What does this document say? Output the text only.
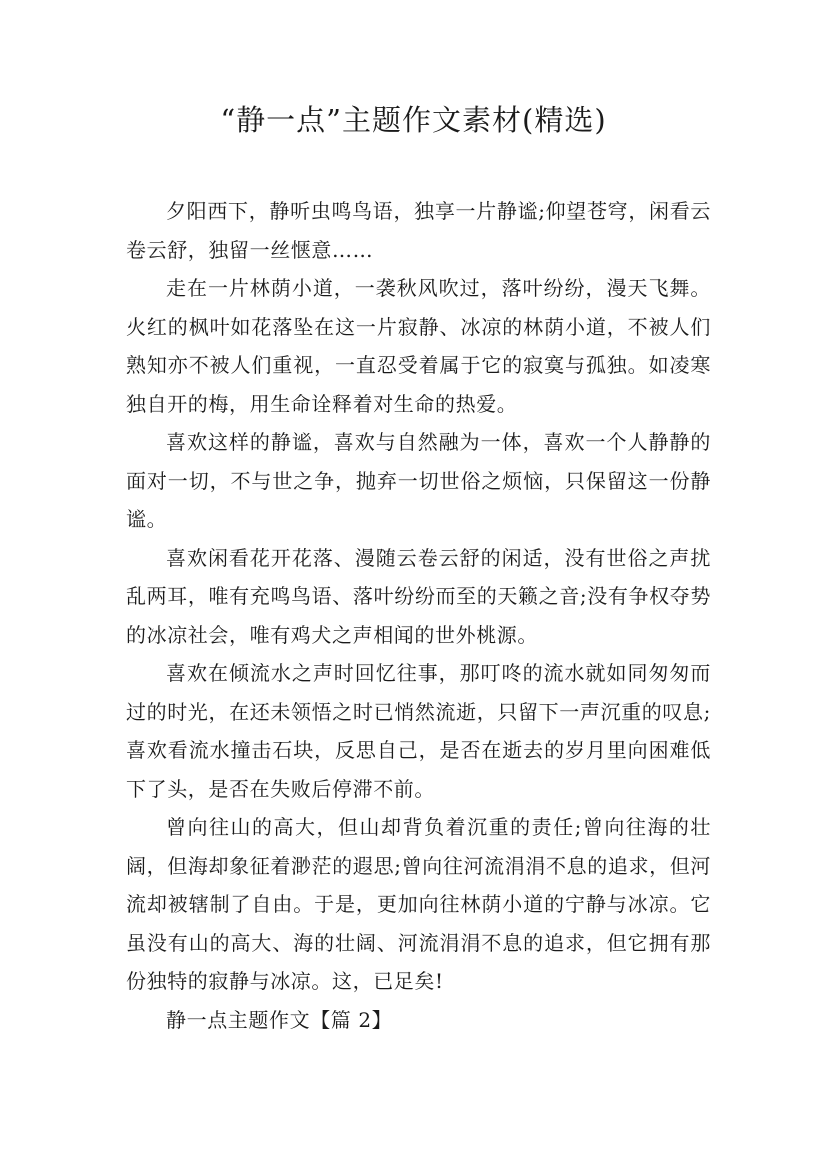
“静一点”主题作文素材(精选)

夕阳西下，静听虫鸣鸟语，独享一片静谧;仰望苍穹，闲看云卷云舒，独留一丝惬意……

走在一片林荫小道，一袭秋风吹过，落叶纷纷，漫天飞舞。火红的枫叶如花落坠在这一片寂静、冰凉的林荫小道，不被人们熟知亦不被人们重视，一直忍受着属于它的寂寞与孤独。如凌寒独自开的梅，用生命诠释着对生命的热爱。

喜欢这样的静谧，喜欢与自然融为一体，喜欢一个人静静的面对一切，不与世之争，抛弃一切世俗之烦恼，只保留这一份静谧。

喜欢闲看花开花落、漫随云卷云舒的闲适，没有世俗之声扰乱两耳，唯有充鸣鸟语、落叶纷纷而至的天籁之音;没有争权夺势的冰凉社会，唯有鸡犬之声相闻的世外桃源。

喜欢在倾流水之声时回忆往事，那叮咚的流水就如同匆匆而过的时光，在还未领悟之时已悄然流逝，只留下一声沉重的叹息;喜欢看流水撞击石块，反思自己，是否在逝去的岁月里向困难低下了头，是否在失败后停滞不前。

曾向往山的高大，但山却背负着沉重的责任;曾向往海的壮阔，但海却象征着渺茫的遐思;曾向往河流涓涓不息的追求，但河流却被辖制了自由。于是，更加向往林荫小道的宁静与冰凉。它虽没有山的高大、海的壮阔、河流涓涓不息的追求，但它拥有那份独特的寂静与冰凉。这，已足矣!

静一点主题作文【篇 2】
